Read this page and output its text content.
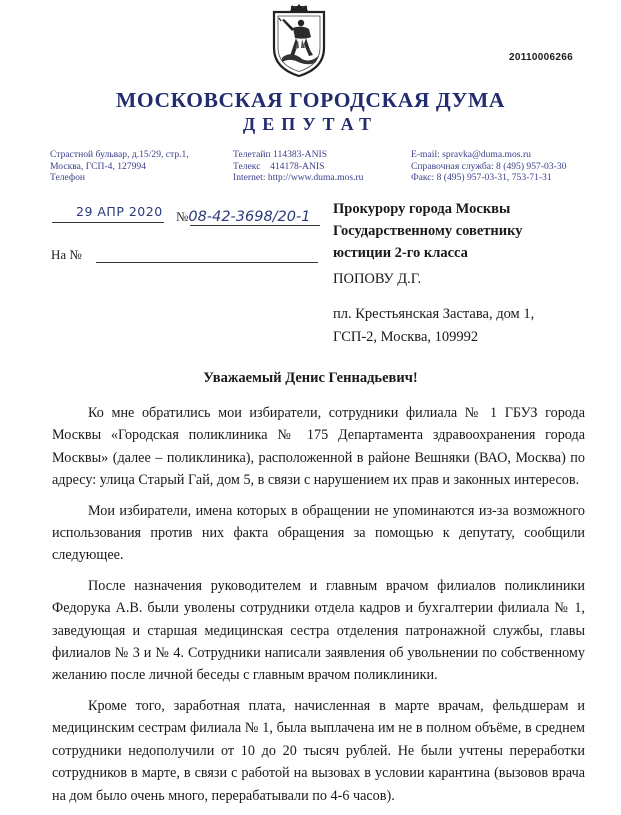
20110006266
МОСКОВСКАЯ ГОРОДСКАЯ ДУМА
ДЕПУТАТ
Страстной бульвар, д.15/29, стр.1,
Москва, ГСП-4, 127994
Телефон
Телетайп 114383-ANIS
Телекс    414178-ANIS
Internet: http://www.duma.mos.ru
E-mail: spravka@duma.mos.ru
Справочная служба: 8 (495) 957-03-30
Факс: 8 (495) 957-03-31, 753-71-31
29 АПР 2020 №08-42-3698/20-1
На №
Прокурору города Москвы
Государственному советнику
юстиции 2-го класса
ПОПОВУ Д.Г.
пл. Крестьянская Застава, дом 1,
ГСП-2, Москва, 109992
Уважаемый Денис Геннадьевич!

Ко мне обратились мои избиратели, сотрудники филиала № 1 ГБУЗ города Москвы «Городская поликлиника № 175 Департамента здравоохранения города Москвы» (далее – поликлиника), расположенной в районе Вешняки (ВАО, Москва) по адресу: улица Старый Гай, дом 5, в связи с нарушением их прав и законных интересов.

Мои избиратели, имена которых в обращении не упоминаются из-за возможного использования против них факта обращения за помощью к депутату, сообщили следующее.

После назначения руководителем и главным врачом филиалов поликлиники Федорука А.В. были уволены сотрудники отдела кадров и бухгалтерии филиала № 1, заведующая и старшая медицинская сестра отделения патронажной службы, главы филиалов № 3 и № 4. Сотрудники написали заявления об увольнении по собственному желанию после личной беседы с главным врачом поликлиники.

Кроме того, заработная плата, начисленная в марте врачам, фельдшерам и медицинским сестрам филиала № 1, была выплачена им не в полном объёме, в среднем сотрудники недополучили от 10 до 20 тысяч рублей. Не были учтены переработки сотрудников в марте, в связи с работой на вызовах в условии карантина (вызовов врача на дом было очень много, перерабатывали по 4-6 часов).
